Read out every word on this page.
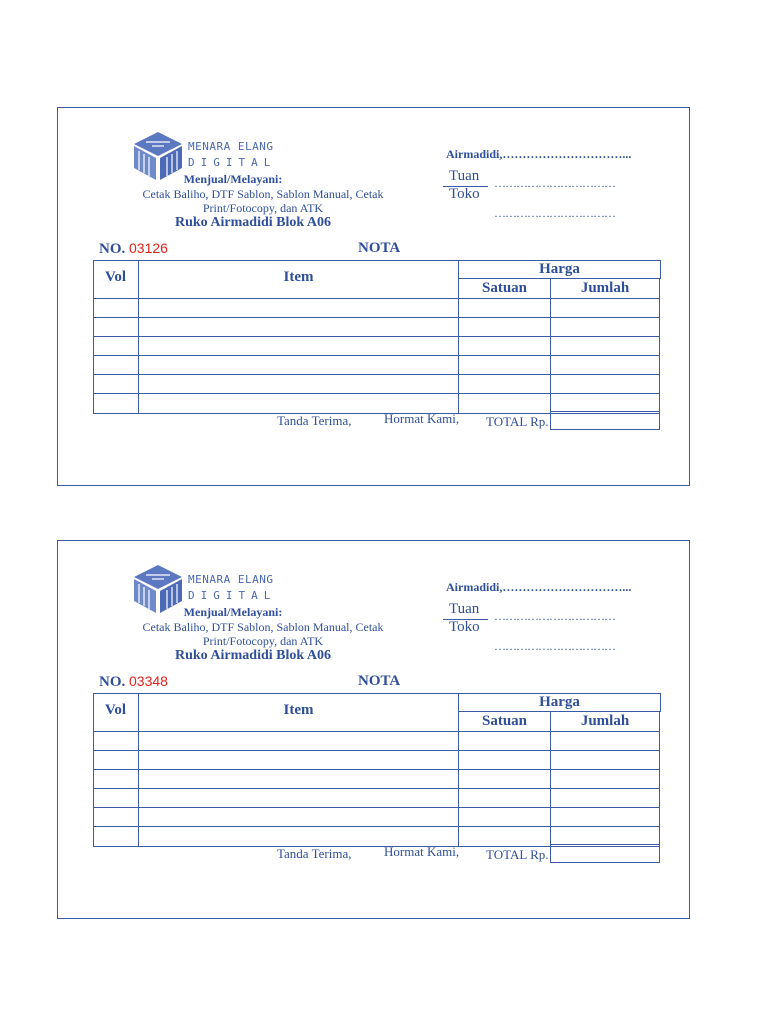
MENARA ELANG
DIGITAL
Menjual/Melayani:
Cetak Baliho, DTF Sablon, Sablon Manual, Cetak Print/Fotocopy, dan ATK
Ruko Airmadidi Blok A06
Airmadidi,…………………………...
Tuan
Toko
……………………………
……………………………
NO. 03126	NOTA
Vol	Item	Harga
Satuan	Jumlah
Tanda Terima,	Hormat Kami, TOTAL Rp.
MENARA ELANG
DIGITAL
Menjual/Melayani:
Cetak Baliho, DTF Sablon, Sablon Manual, Cetak Print/Fotocopy, dan ATK
Ruko Airmadidi Blok A06
Airmadidi,…………………………...
Tuan
Toko
……………………………
……………………………
NO. 03348	NOTA
Vol	Item	Harga
Satuan	Jumlah
Tanda Terima,	Hormat Kami, TOTAL Rp.
